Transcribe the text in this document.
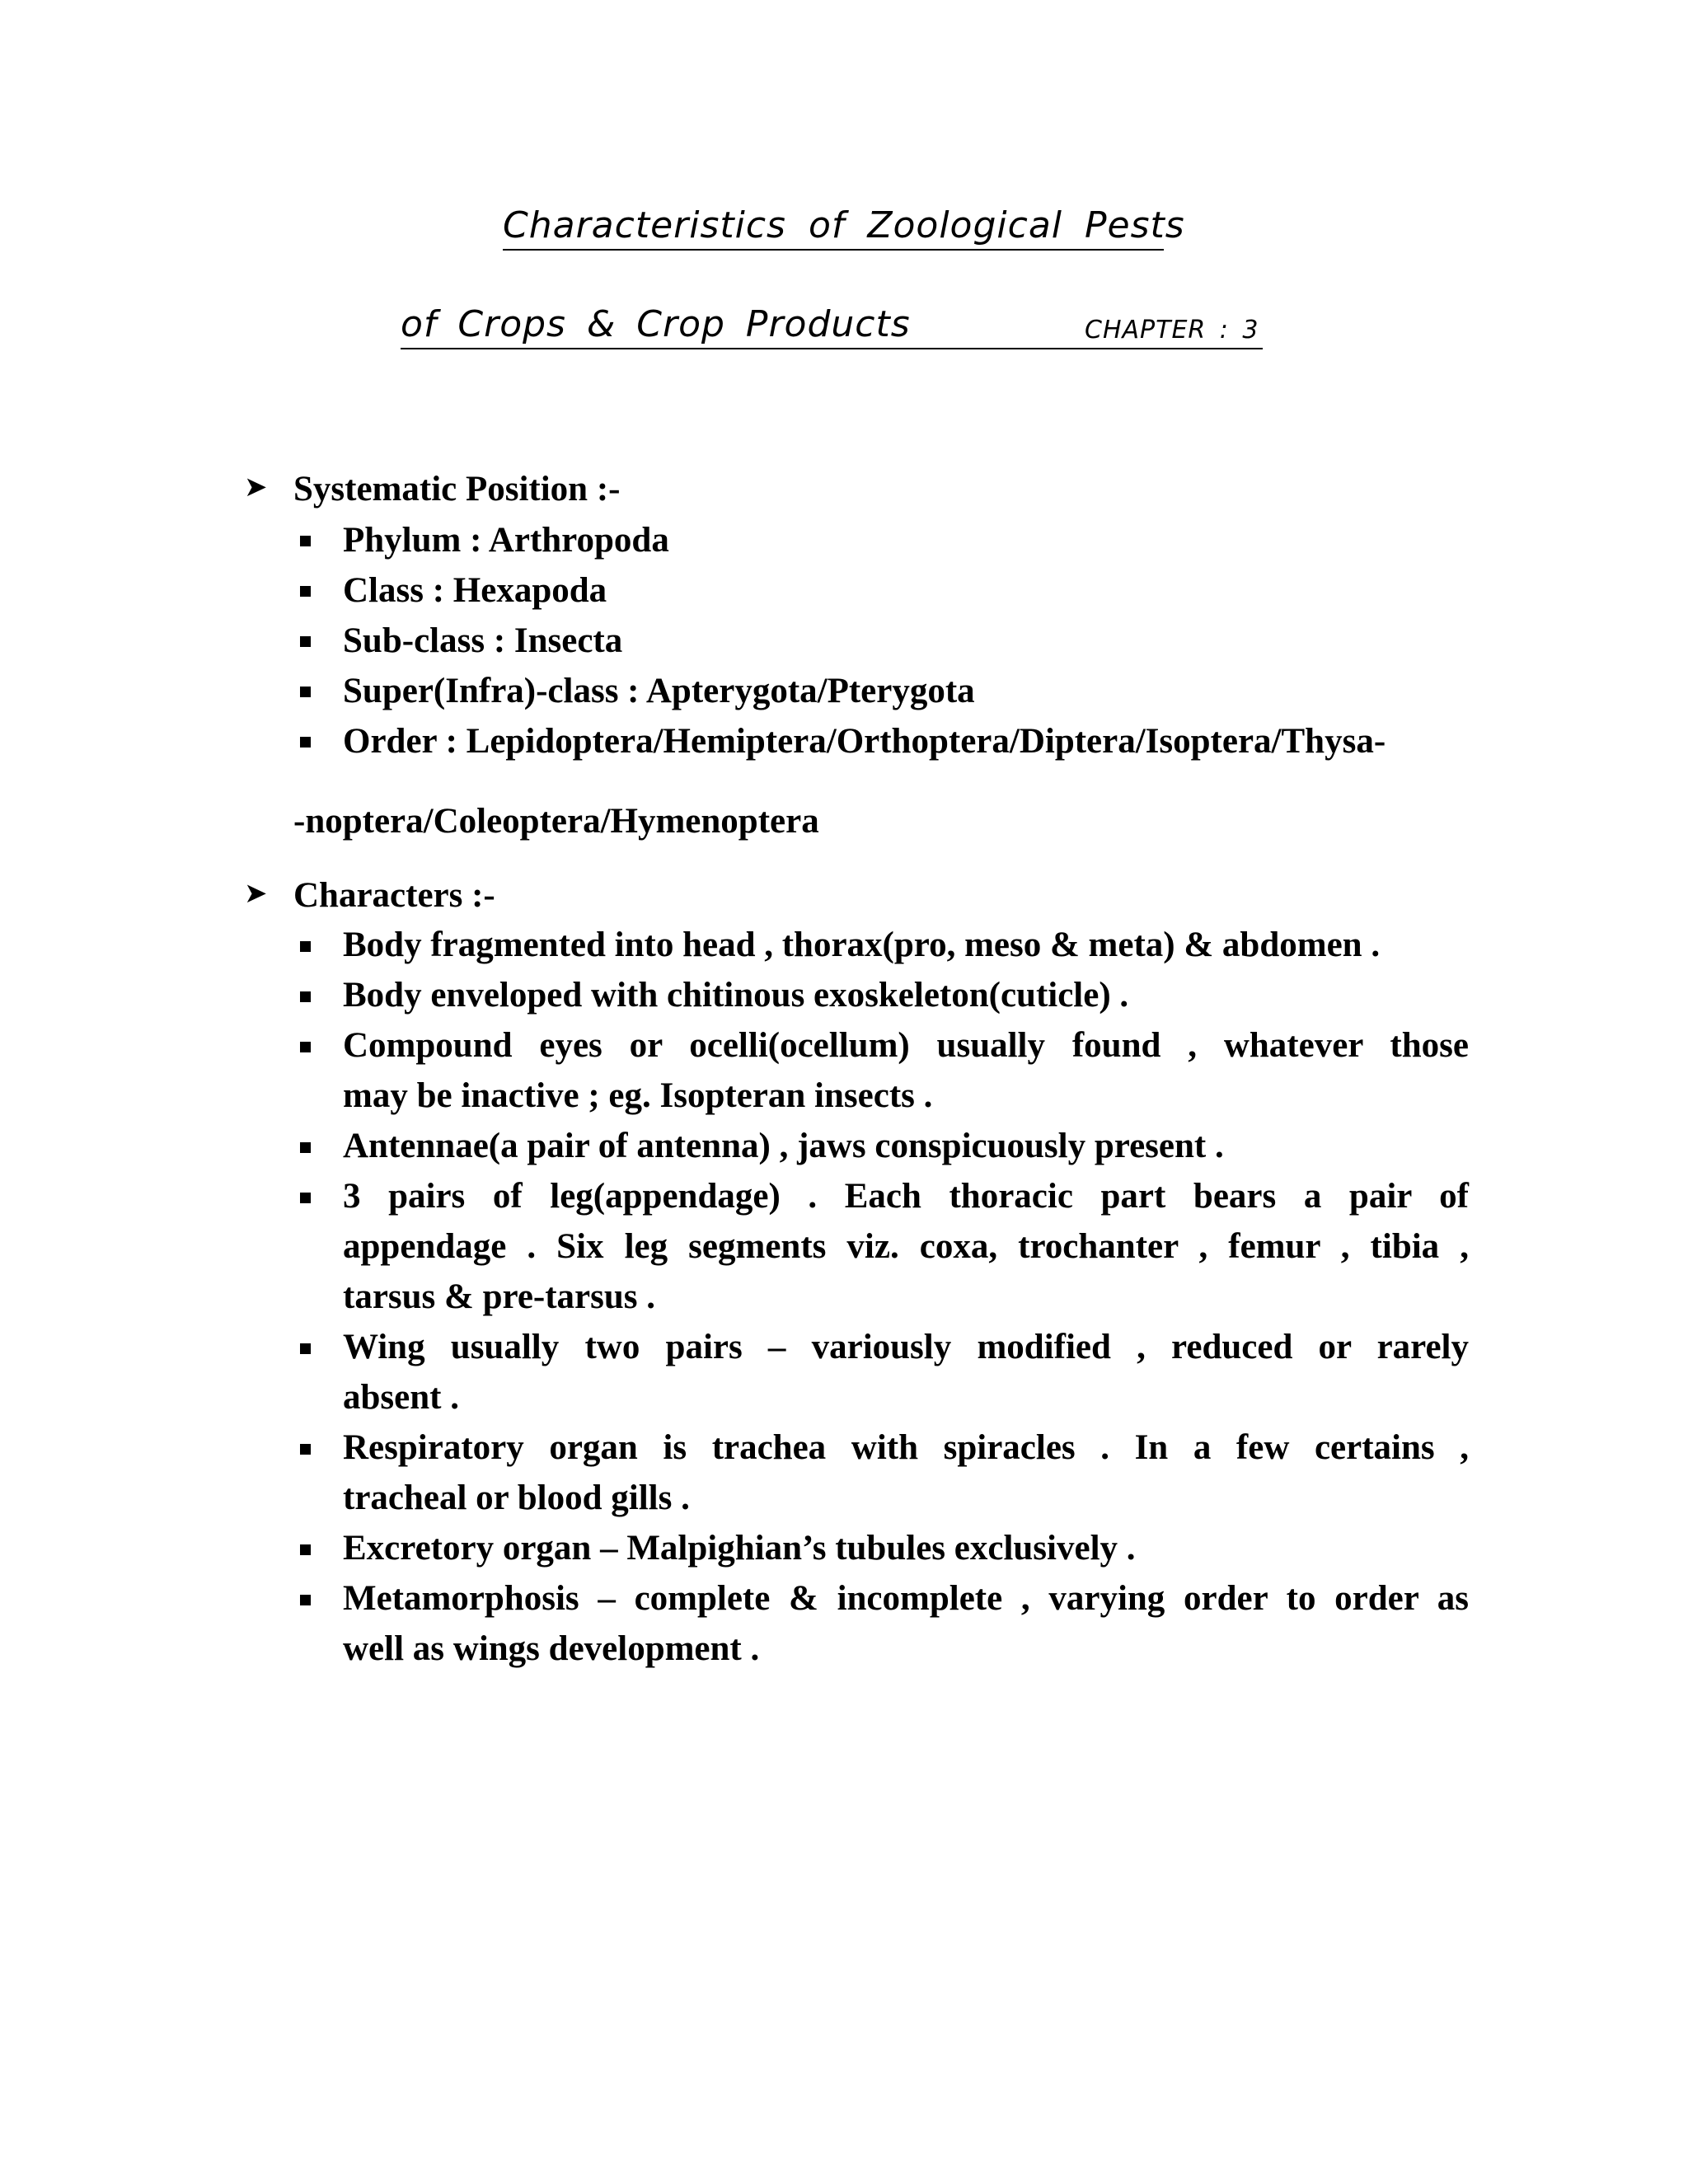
Characteristics of Zoological Pests
of Crops & Crop Products	CHAPTER : 3
➤ Systematic Position :-
Phylum : Arthropoda
Class : Hexapoda
Sub-class : Insecta
Super(Infra)-class : Apterygota/Pterygota
Order : Lepidoptera/Hemiptera/Orthoptera/Diptera/Isoptera/Thysa-
-noptera/Coleoptera/Hymenoptera
➤ Characters :-
Body fragmented into head , thorax(pro, meso & meta) & abdomen .
Body enveloped with chitinous exoskeleton(cuticle) .
Compound eyes or ocelli(ocellum) usually found , whatever those
may be inactive ; eg. Isopteran insects .
Antennae(a pair of antenna) , jaws conspicuously present .
3 pairs of leg(appendage) . Each thoracic part bears a pair of
appendage . Six leg segments viz. coxa, trochanter , femur , tibia ,
tarsus & pre-tarsus .
Wing usually two pairs – variously modified , reduced or rarely
absent .
Respiratory organ is trachea with spiracles . In a few certains ,
tracheal or blood gills .
Excretory organ – Malpighian’s tubules exclusively .
Metamorphosis – complete & incomplete , varying order to order as
well as wings development .
